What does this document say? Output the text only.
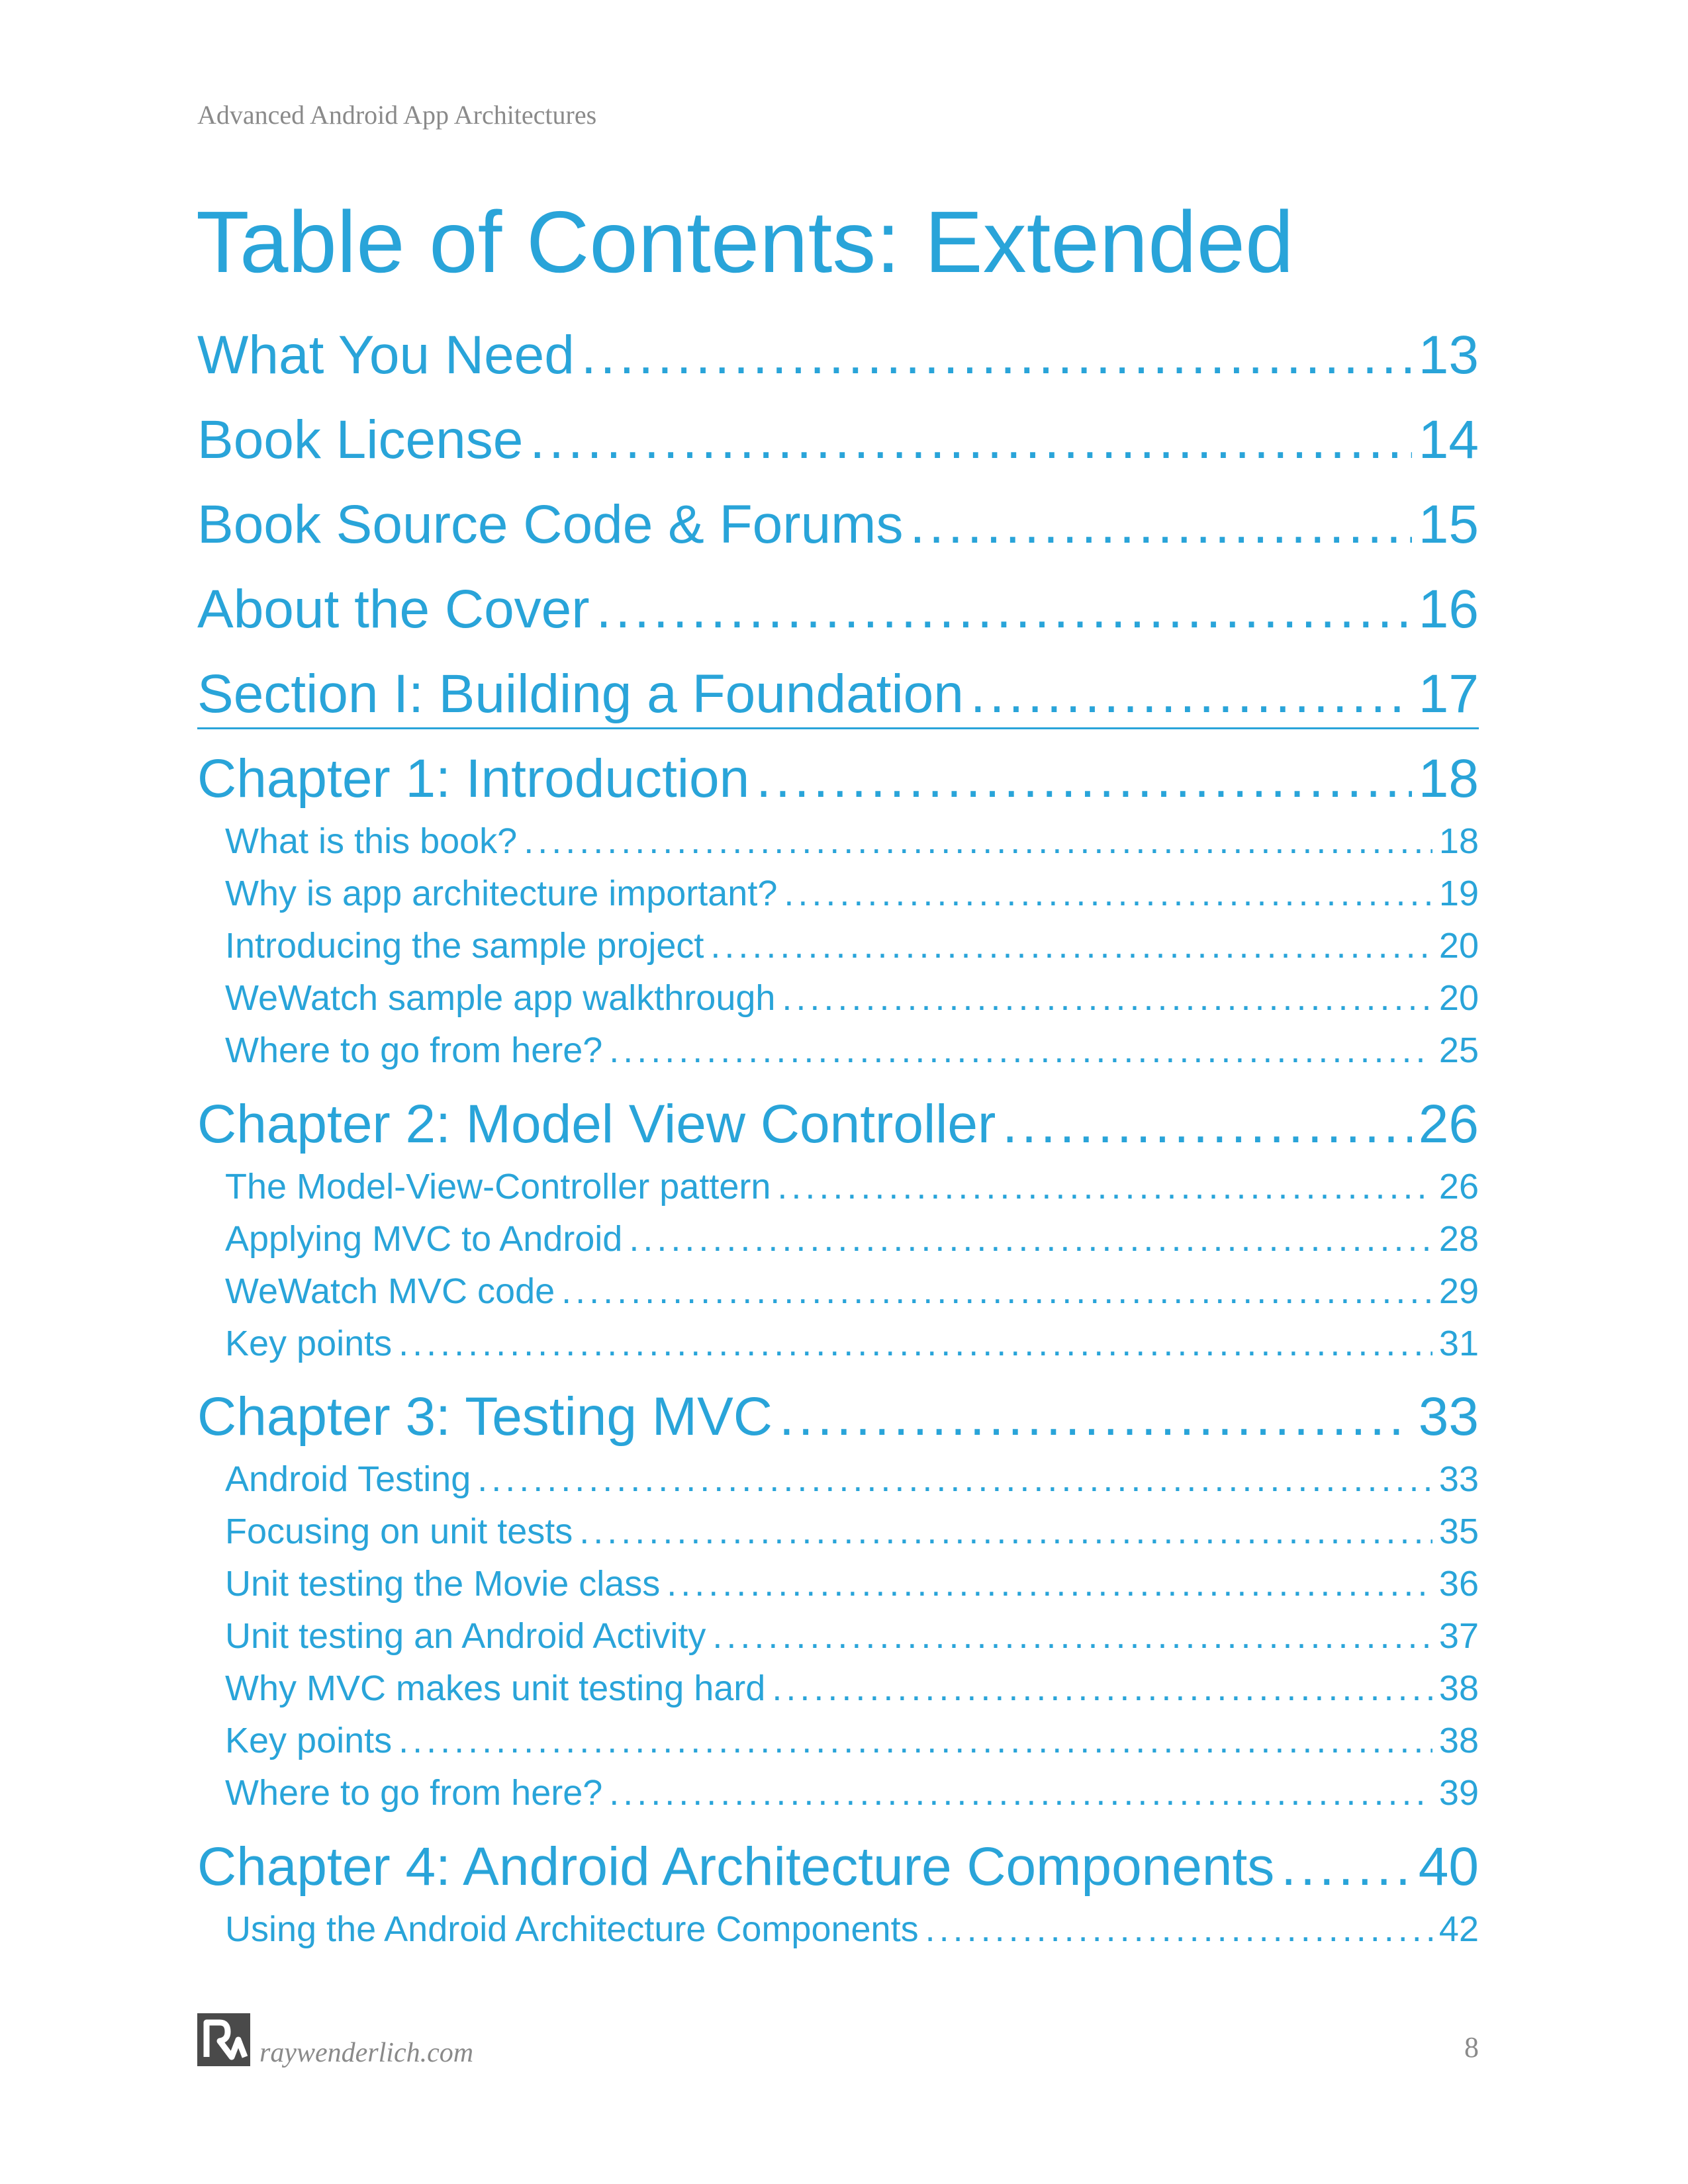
Advanced Android App Architectures
Table of Contents: Extended
What You Need .....	13
Book License .....	14
Book Source Code & Forums .....	15
About the Cover .....	16
Section I: Building a Foundation .....	17
Chapter 1: Introduction .....	18
What is this book? .....	18
Why is app architecture important? .....	19
Introducing the sample project .....	20
WeWatch sample app walkthrough .....	20
Where to go from here? .....	25
Chapter 2: Model View Controller .....	26
The Model-View-Controller pattern .....	26
Applying MVC to Android .....	28
WeWatch MVC code .....	29
Key points .....	31
Chapter 3: Testing MVC .....	33
Android Testing .....	33
Focusing on unit tests .....	35
Unit testing the Movie class .....	36
Unit testing an Android Activity .....	37
Why MVC makes unit testing hard .....	38
Key points .....	38
Where to go from here? .....	39
Chapter 4: Android Architecture Components .....	40
Using the Android Architecture Components .....	42
raywenderlich.com	8
